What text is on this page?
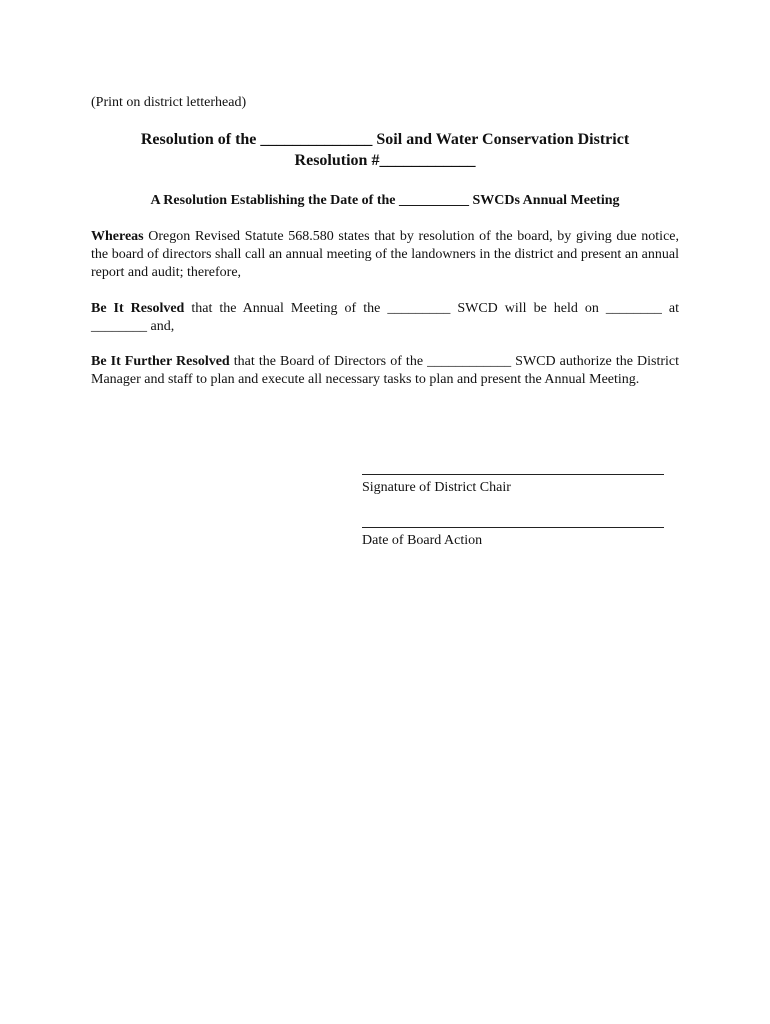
(Print on district letterhead)
Resolution of the ______________ Soil and Water Conservation District
Resolution #____________
A Resolution Establishing the Date of the __________ SWCDs Annual Meeting
Whereas Oregon Revised Statute 568.580 states that by resolution of the board, by giving due notice, the board of directors shall call an annual meeting of the landowners in the district and present an annual report and audit; therefore,
Be It Resolved that the Annual Meeting of the _________ SWCD will be held on ________ at ________ and,
Be It Further Resolved that the Board of Directors of the ____________ SWCD authorize the District Manager and staff to plan and execute all necessary tasks to plan and present the Annual Meeting.
Signature of District Chair
Date of Board Action
